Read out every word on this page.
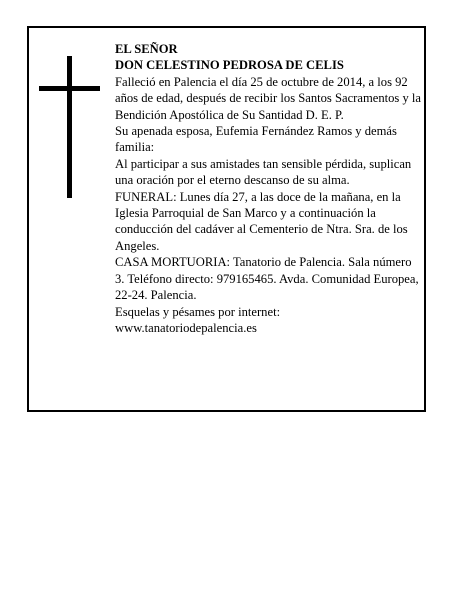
EL SEÑOR

DON CELESTINO PEDROSA DE CELIS

Falleció en Palencia el día 25 de octubre de 2014, a los 92 años de edad, después de recibir los Santos Sacramentos y la Bendición Apostólica de Su Santidad D. E. P.

Su apenada esposa, Eufemia Fernández Ramos y demás familia:

Al participar a sus amistades tan sensible pérdida, suplican una oración por el eterno descanso de su alma.

FUNERAL: Lunes día 27, a las doce de la mañana, en la Iglesia Parroquial de San Marco y a continuación la conducción del cadáver al Cementerio de Ntra. Sra. de los Angeles.

CASA MORTUORIA: Tanatorio de Palencia. Sala número 3. Teléfono directo: 979165465. Avda. Comunidad Europea, 22-24. Palencia.

Esquelas y pésames por internet:

www.tanatoriodepalencia.es
